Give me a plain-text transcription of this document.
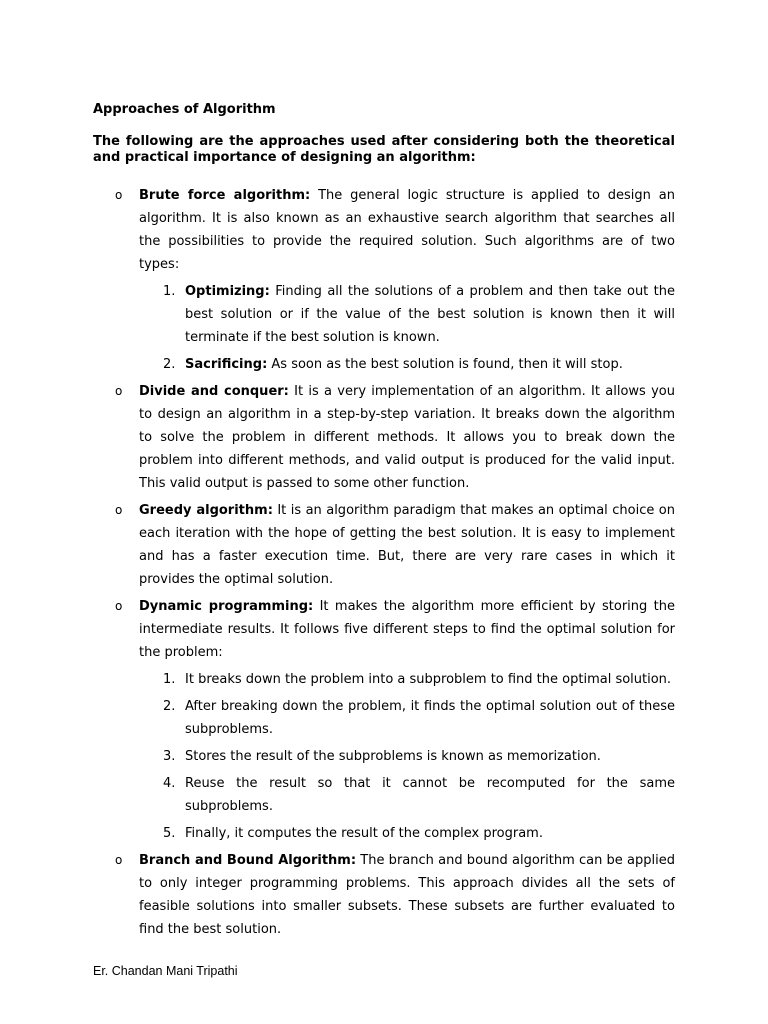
Approaches of Algorithm
The following are the approaches used after considering both the theoretical and practical importance of designing an algorithm:
o Brute force algorithm: The general logic structure is applied to design an algorithm. It is also known as an exhaustive search algorithm that searches all the possibilities to provide the required solution. Such algorithms are of two types:
1. Optimizing: Finding all the solutions of a problem and then take out the best solution or if the value of the best solution is known then it will terminate if the best solution is known.
2. Sacrificing: As soon as the best solution is found, then it will stop.
o Divide and conquer: It is a very implementation of an algorithm. It allows you to design an algorithm in a step-by-step variation. It breaks down the algorithm to solve the problem in different methods. It allows you to break down the problem into different methods, and valid output is produced for the valid input. This valid output is passed to some other function.
o Greedy algorithm: It is an algorithm paradigm that makes an optimal choice on each iteration with the hope of getting the best solution. It is easy to implement and has a faster execution time. But, there are very rare cases in which it provides the optimal solution.
o Dynamic programming: It makes the algorithm more efficient by storing the intermediate results. It follows five different steps to find the optimal solution for the problem:
1. It breaks down the problem into a subproblem to find the optimal solution.
2. After breaking down the problem, it finds the optimal solution out of these subproblems.
3. Stores the result of the subproblems is known as memorization.
4. Reuse the result so that it cannot be recomputed for the same subproblems.
5. Finally, it computes the result of the complex program.
o Branch and Bound Algorithm: The branch and bound algorithm can be applied to only integer programming problems. This approach divides all the sets of feasible solutions into smaller subsets. These subsets are further evaluated to find the best solution.
Er. Chandan Mani Tripathi
